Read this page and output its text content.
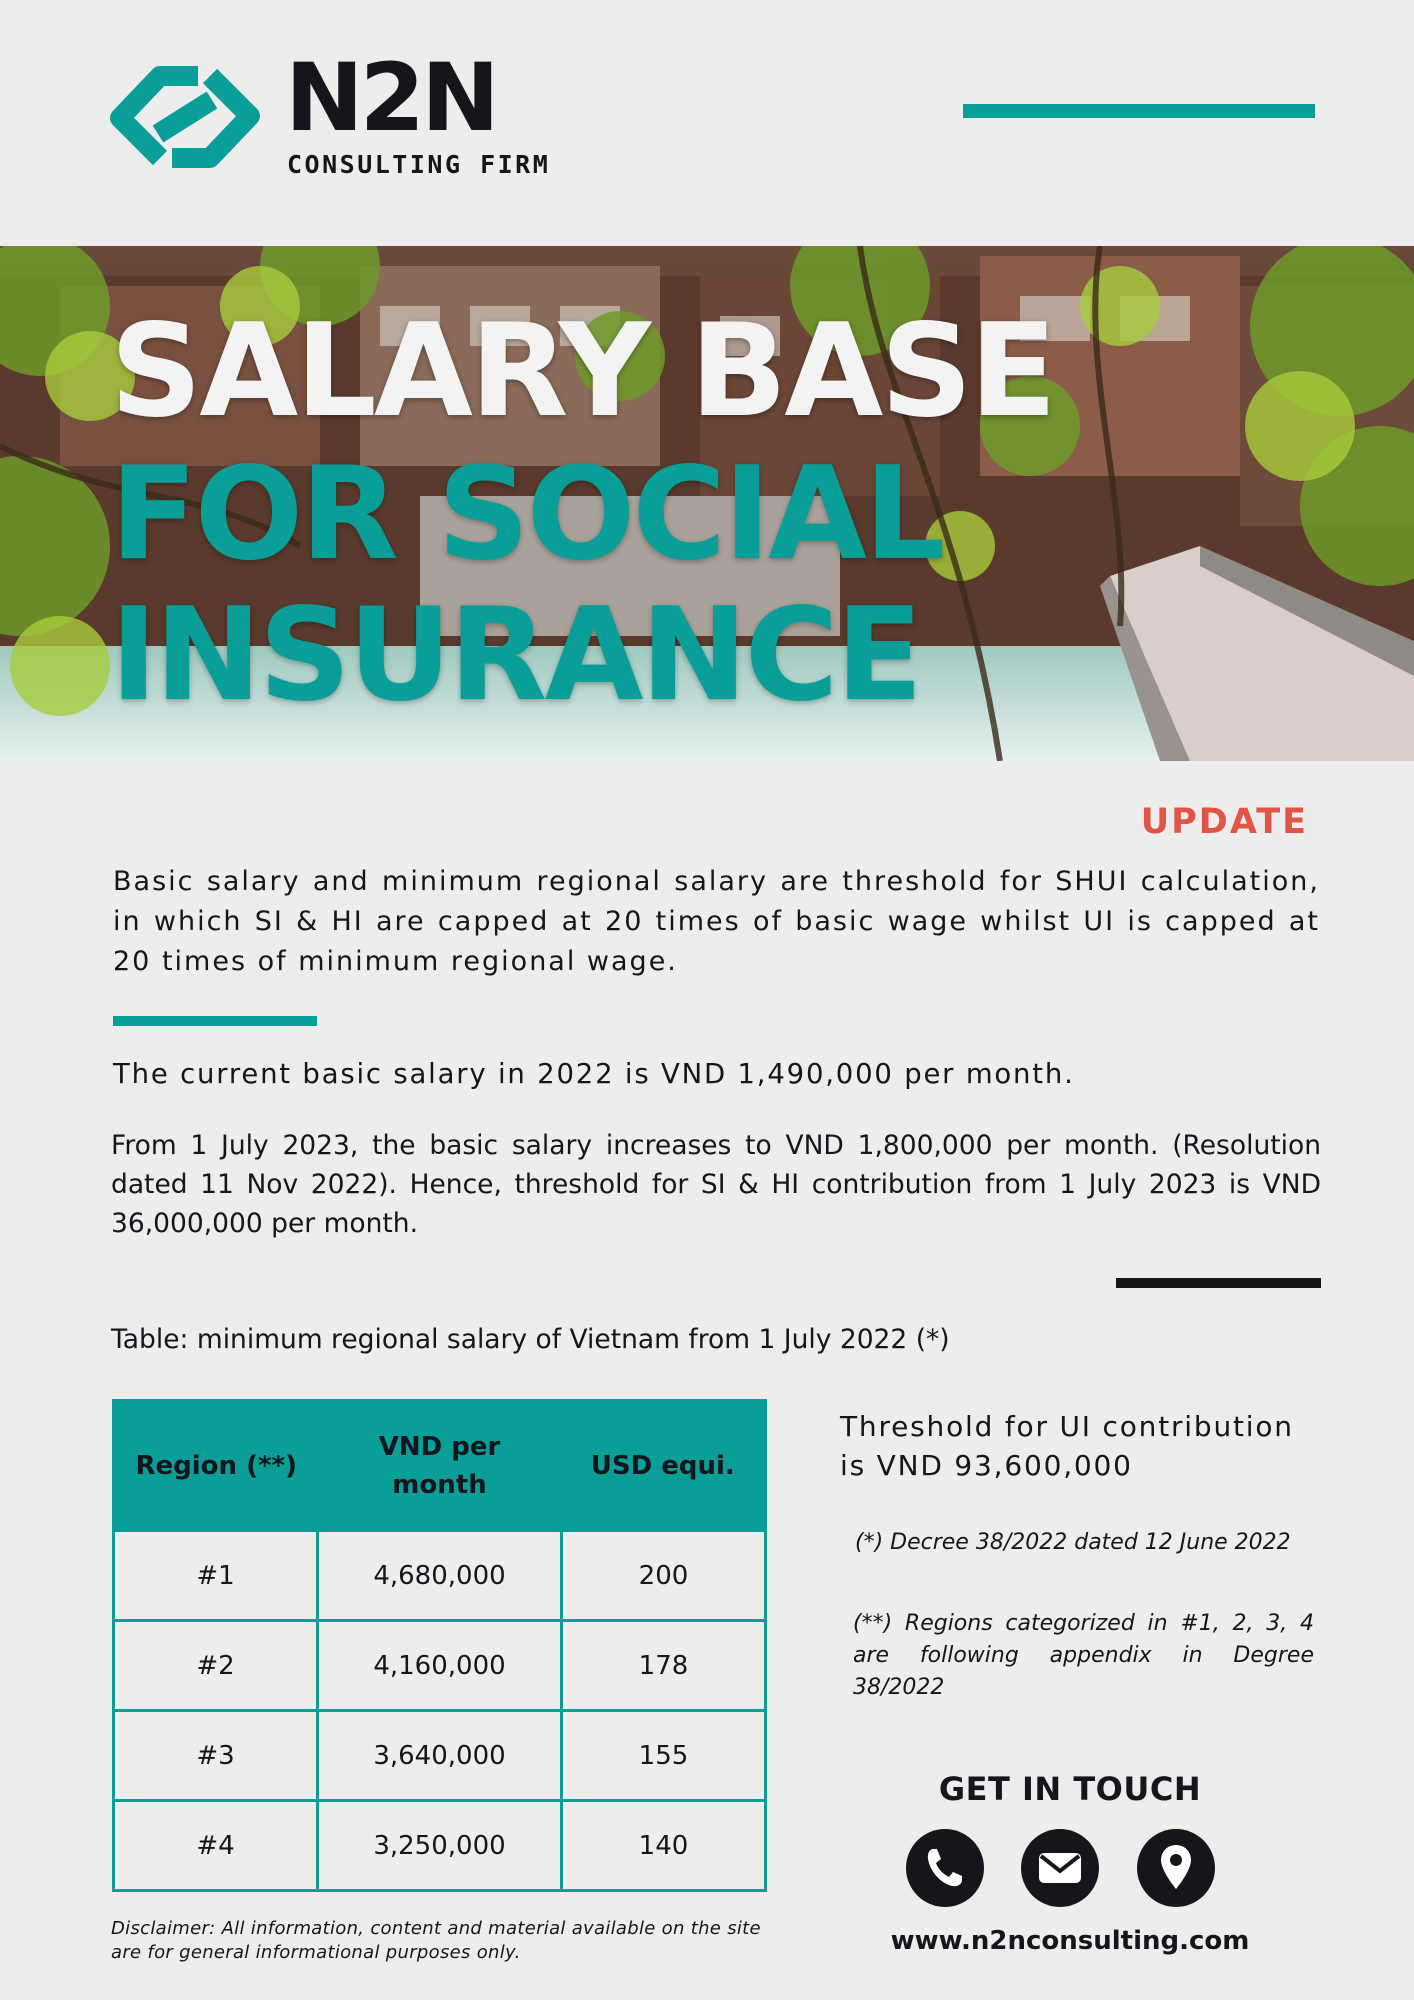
N2N
CONSULTING FIRM
SALARY BASE
FOR SOCIAL
INSURANCE
UPDATE

Basic salary and minimum regional salary are threshold for SHUI calculation, in which SI & HI are capped at 20 times of basic wage whilst UI is capped at 20 times of minimum regional wage.

The current basic salary in 2022 is VND 1,490,000 per month.

From 1 July 2023, the basic salary increases to VND 1,800,000 per month. (Resolution dated 11 Nov 2022). Hence, threshold for SI & HI contribution from 1 July 2023 is VND 36,000,000 per month.

Table: minimum regional salary of Vietnam from 1 July 2022 (*)

Region (**)	VND per month	USD equi.
#1	4,680,000	200
#2	4,160,000	178
#3	3,640,000	155
#4	3,250,000	140

Threshold for UI contribution is VND 93,600,000

(*) Decree 38/2022 dated 12 June 2022

(**) Regions categorized in #1, 2, 3, 4 are following appendix in Degree 38/2022

GET IN TOUCH
www.n2nconsulting.com

Disclaimer: All information, content and material available on the site are for general informational purposes only.
